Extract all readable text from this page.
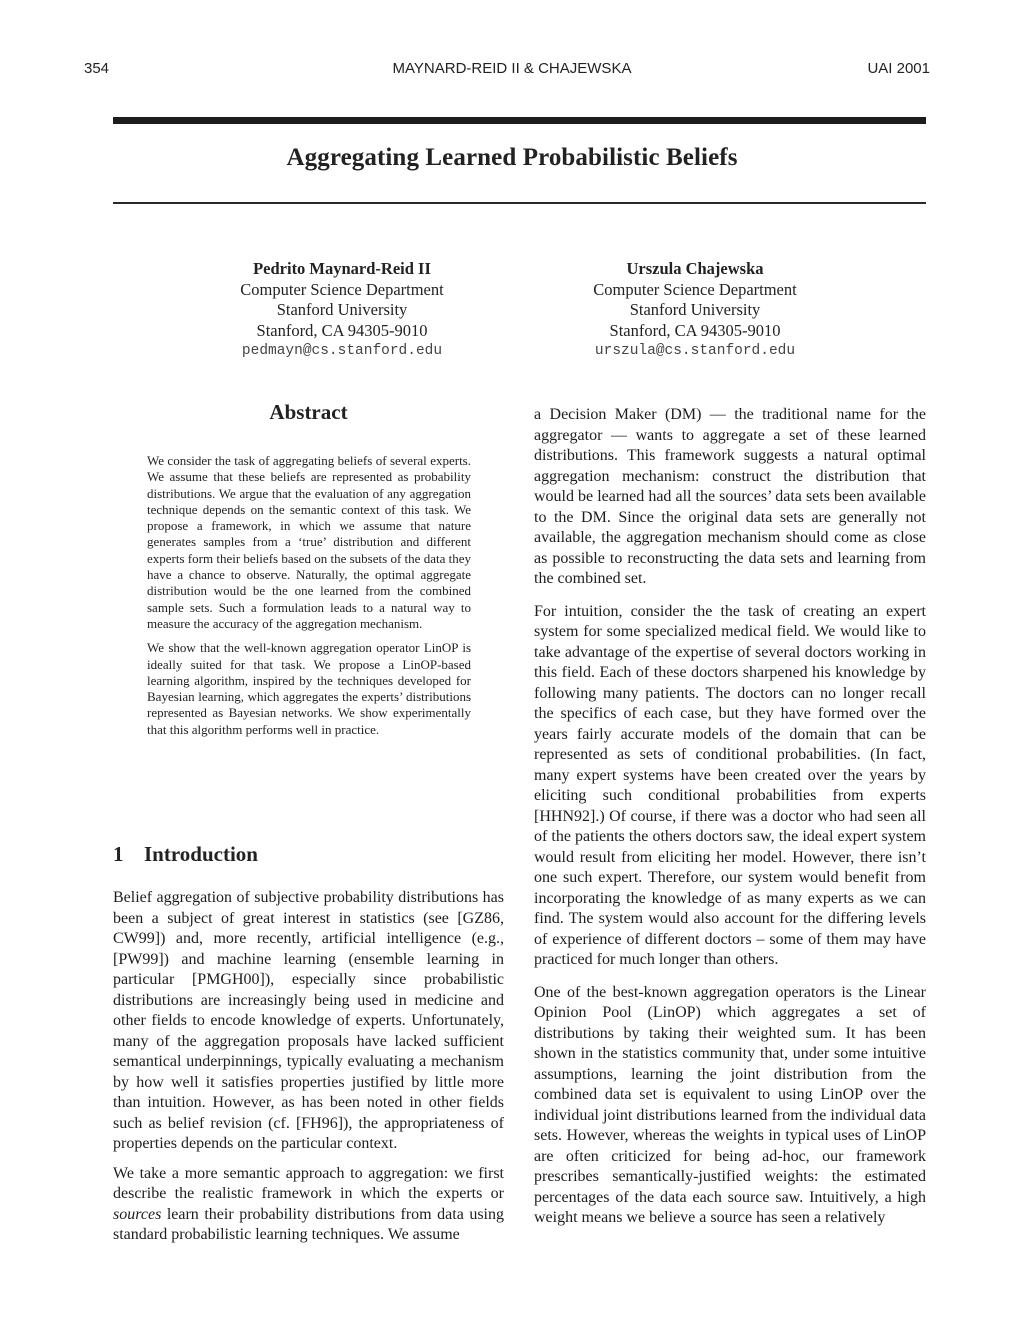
MAYNARD-REID II & CHAJEWSKA
354	UAI 2001
Aggregating Learned Probabilistic Beliefs
Pedrito Maynard-Reid II
Computer Science Department
Stanford University
Stanford, CA 94305-9010
pedmayn@cs.stanford.edu
Urszula Chajewska
Computer Science Department
Stanford University
Stanford, CA 94305-9010
urszula@cs.stanford.edu
Abstract

We consider the task of aggregating beliefs of several experts. We assume that these beliefs are represented as probability distributions. We argue that the evaluation of any aggregation technique depends on the semantic context of this task. We propose a framework, in which we assume that nature generates samples from a ‘true’ distribution and different experts form their beliefs based on the subsets of the data they have a chance to observe. Naturally, the optimal aggregate distribution would be the one learned from the combined sample sets. Such a formulation leads to a natural way to measure the accuracy of the aggregation mechanism.

We show that the well-known aggregation operator LinOP is ideally suited for that task. We propose a LinOP-based learning algorithm, inspired by the techniques developed for Bayesian learning, which aggregates the experts’ distributions represented as Bayesian networks. We show experimentally that this algorithm performs well in practice.

1 Introduction

Belief aggregation of subjective probability distributions has been a subject of great interest in statistics (see [GZ86, CW99]) and, more recently, artificial intelligence (e.g., [PW99]) and machine learning (ensemble learning in particular [PMGH00]), especially since probabilistic distributions are increasingly being used in medicine and other fields to encode knowledge of experts. Unfortunately, many of the aggregation proposals have lacked sufficient semantical underpinnings, typically evaluating a mechanism by how well it satisfies properties justified by little more than intuition. However, as has been noted in other fields such as belief revision (cf. [FH96]), the appropriateness of properties depends on the particular context.

We take a more semantic approach to aggregation: we first describe the realistic framework in which the experts or sources learn their probability distributions from data using standard probabilistic learning techniques. We assume

a Decision Maker (DM) — the traditional name for the aggregator — wants to aggregate a set of these learned distributions. This framework suggests a natural optimal aggregation mechanism: construct the distribution that would be learned had all the sources’ data sets been available to the DM. Since the original data sets are generally not available, the aggregation mechanism should come as close as possible to reconstructing the data sets and learning from the combined set.

For intuition, consider the the task of creating an expert system for some specialized medical field. We would like to take advantage of the expertise of several doctors working in this field. Each of these doctors sharpened his knowledge by following many patients. The doctors can no longer recall the specifics of each case, but they have formed over the years fairly accurate models of the domain that can be represented as sets of conditional probabilities. (In fact, many expert systems have been created over the years by eliciting such conditional probabilities from experts [HHN92].) Of course, if there was a doctor who had seen all of the patients the others doctors saw, the ideal expert system would result from eliciting her model. However, there isn’t one such expert. Therefore, our system would benefit from incorporating the knowledge of as many experts as we can find. The system would also account for the differing levels of experience of different doctors – some of them may have practiced for much longer than others.

One of the best-known aggregation operators is the Linear Opinion Pool (LinOP) which aggregates a set of distributions by taking their weighted sum. It has been shown in the statistics community that, under some intuitive assumptions, learning the joint distribution from the combined data set is equivalent to using LinOP over the individual joint distributions learned from the individual data sets. However, whereas the weights in typical uses of LinOP are often criticized for being ad-hoc, our framework prescribes semantically-justified weights: the estimated percentages of the data each source saw. Intuitively, a high weight means we believe a source has seen a relatively
